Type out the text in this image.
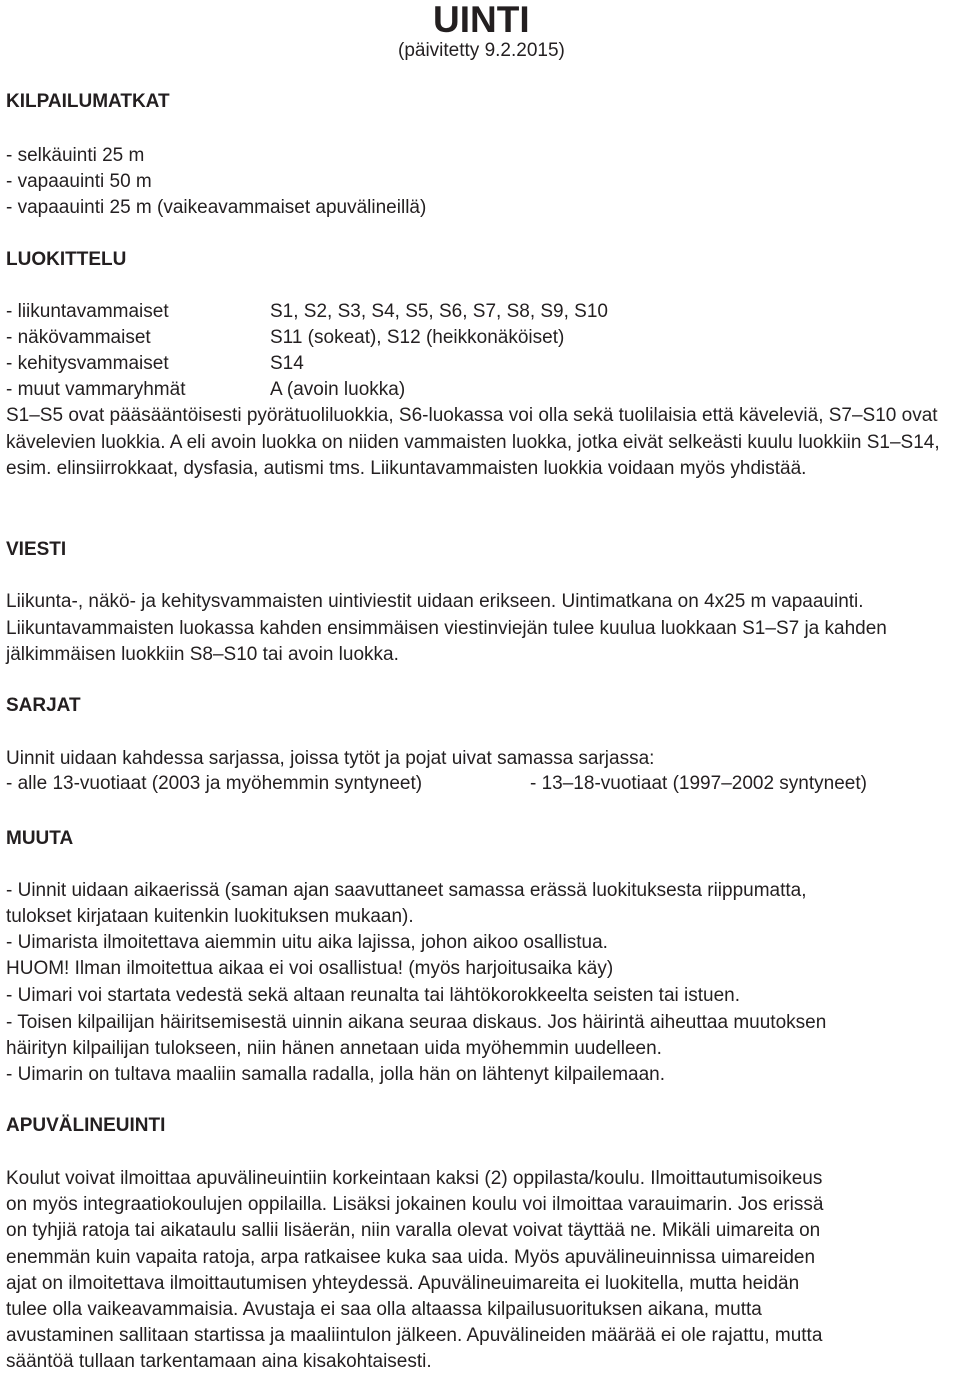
UINTI
(päivitetty 9.2.2015)
KILPAILUMATKAT
- selkäuinti 25 m
- vapaauinti 50 m
- vapaauinti 25 m (vaikeavammaiset apuvälineillä)
LUOKITTELU
- liikuntavammaiset	S1, S2, S3, S4, S5, S6, S7, S8, S9, S10
- näkövammaiset	S11 (sokeat), S12 (heikkonäköiset)
- kehitysvammaiset	S14
- muut vammaryhmät	A (avoin luokka)

S1–S5 ovat pääsääntöisesti pyörätuoliluokkia, S6-luokassa voi olla sekä tuolilaisia että käveleviä, S7–S10 ovat kävelevien luokkia. A eli avoin luokka on niiden vammaisten luokka, jotka eivät selkeästi kuulu luokkiin S1–S14, esim. elinsiirrokkaat, dysfasia, autismi tms. Liikuntavammaisten luokkia voidaan myös yhdistää.

VIESTI

Liikunta-, näkö- ja kehitysvammaisten uintiviestit uidaan erikseen. Uintimatkana on 4x25 m vapaauinti. Liikuntavammaisten luokassa kahden ensimmäisen viestinviejän tulee kuulua luokkaan S1–S7 ja kahden jälkimmäisen luokkiin S8–S10 tai avoin luokka.

SARJAT
Uinnit uidaan kahdessa sarjassa, joissa tytöt ja pojat uivat samassa sarjassa:
- alle 13-vuotiaat (2003 ja myöhemmin syntyneet)	- 13–18-vuotiaat (1997–2002 syntyneet)
MUUTA
- Uinnit uidaan aikaerissä (saman ajan saavuttaneet samassa erässä luokituksesta riippumatta,
tulokset kirjataan kuitenkin luokituksen mukaan).
- Uimarista ilmoitettava aiemmin uitu aika lajissa, johon aikoo osallistua.
HUOM! Ilman ilmoitettua aikaa ei voi osallistua! (myös harjoitusaika käy)
- Uimari voi startata vedestä sekä altaan reunalta tai lähtökorokkeelta seisten tai istuen.
- Toisen kilpailijan häiritsemisestä uinnin aikana seuraa diskaus. Jos häirintä aiheuttaa muutoksen
häirityn kilpailijan tulokseen, niin hänen annetaan uida myöhemmin uudelleen.
- Uimarin on tultava maaliin samalla radalla, jolla hän on lähtenyt kilpailemaan.
APUVÄLINEUINTI
Koulut voivat ilmoittaa apuvälineuintiin korkeintaan kaksi (2) oppilasta/koulu. Ilmoittautumisoikeus
on myös integraatiokoulujen oppilailla. Lisäksi jokainen koulu voi ilmoittaa varauimarin. Jos erissä
on tyhjiä ratoja tai aikataulu sallii lisäerän, niin varalla olevat voivat täyttää ne. Mikäli uimareita on
enemmän kuin vapaita ratoja, arpa ratkaisee kuka saa uida. Myös apuvälineuinnissa uimareiden
ajat on ilmoitettava ilmoittautumisen yhteydessä. Apuvälineuimareita ei luokitella, mutta heidän
tulee olla vaikeavammaisia. Avustaja ei saa olla altaassa kilpailusuorituksen aikana, mutta
avustaminen sallitaan startissa ja maaliintulon jälkeen. Apuvälineiden määrää ei ole rajattu, mutta
sääntöä tullaan tarkentamaan aina kisakohtaisesti.
